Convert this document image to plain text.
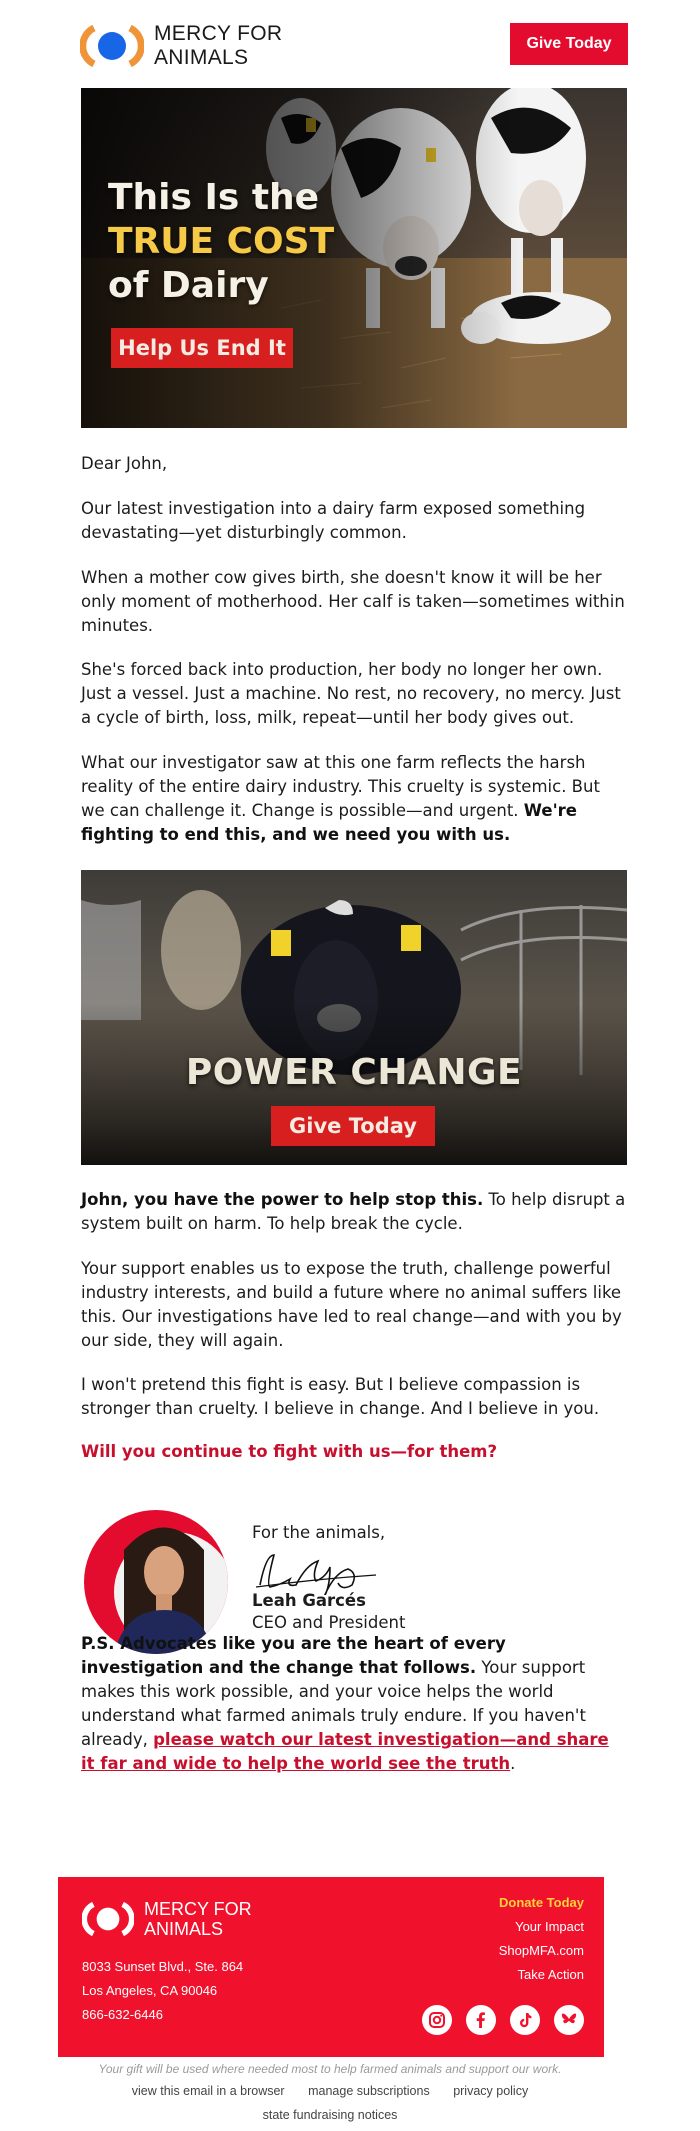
MERCY FOR
ANIMALS
Give Today
This Is the
TRUE COST
of Dairy
Help Us End It
Dear John,
Our latest investigation into a dairy farm exposed something devastating—yet disturbingly common.
When a mother cow gives birth, she doesn't know it will be her only moment of motherhood. Her calf is taken—sometimes within minutes.
She's forced back into production, her body no longer her own. Just a vessel. Just a machine. No rest, no recovery, no mercy. Just a cycle of birth, loss, milk, repeat—until her body gives out.
What our investigator saw at this one farm reflects the harsh reality of the entire dairy industry. This cruelty is systemic. But we can challenge it. Change is possible—and urgent. We're fighting to end this, and we need you with us.
POWER CHANGE
Give Today
John, you have the power to help stop this. To help disrupt a system built on harm. To help break the cycle.
Your support enables us to expose the truth, challenge powerful industry interests, and build a future where no animal suffers like this. Our investigations have led to real change—and with you by our side, they will again.
I won't pretend this fight is easy. But I believe compassion is stronger than cruelty. I believe in change. And I believe in you.
Will you continue to fight with us—for them?
For the animals,
Leah Garcés
CEO and President
P.S. Advocates like you are the heart of every investigation and the change that follows. Your support makes this work possible, and your voice helps the world understand what farmed animals truly endure. If you haven't already, please watch our latest investigation—and share it far and wide to help the world see the truth.
MERCY FOR
ANIMALS
8033 Sunset Blvd., Ste. 864
Los Angeles, CA 90046
866-632-6446
Donate Today
Your Impact
ShopMFA.com
Take Action
Your gift will be used where needed most to help farmed animals and support our work.
view this email in a browser manage subscriptions privacy policy
state fundraising notices
